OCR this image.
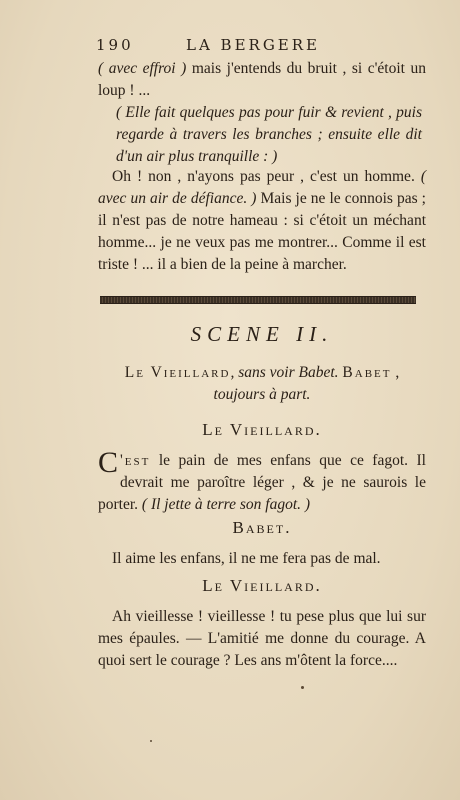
190	LA BERGERE
( avec effroi ) mais j'entends du bruit , si c'étoit un loup ! ...
( Elle fait quelques pas pour fuir & revient , puis regarde à travers les branches ; ensuite elle dit d'un air plus tranquille : )
Oh ! non , n'ayons pas peur , c'est un homme. ( avec un air de défiance. ) Mais je ne le connois pas ; il n'est pas de notre hameau : si c'étoit un méchant homme... je ne veux pas me montrer... Comme il est triste ! ... il a bien de la peine à marcher.
SCENE II.
Le Vieillard, sans voir Babet. Babet ,
toujours à part.
Le Vieillard.
C 'est le pain de mes enfans que ce fagot. Il devrait me paroître léger , & je ne saurois le porter. ( Il jette à terre son fagot. )
Babet.
Il aime les enfans, il ne me fera pas de mal.
Le Vieillard.
Ah vieillesse ! vieillesse ! tu pese plus que lui sur mes épaules. — L'amitié me donne du courage. A quoi sert le courage ? Les ans m'ôtent la force....
